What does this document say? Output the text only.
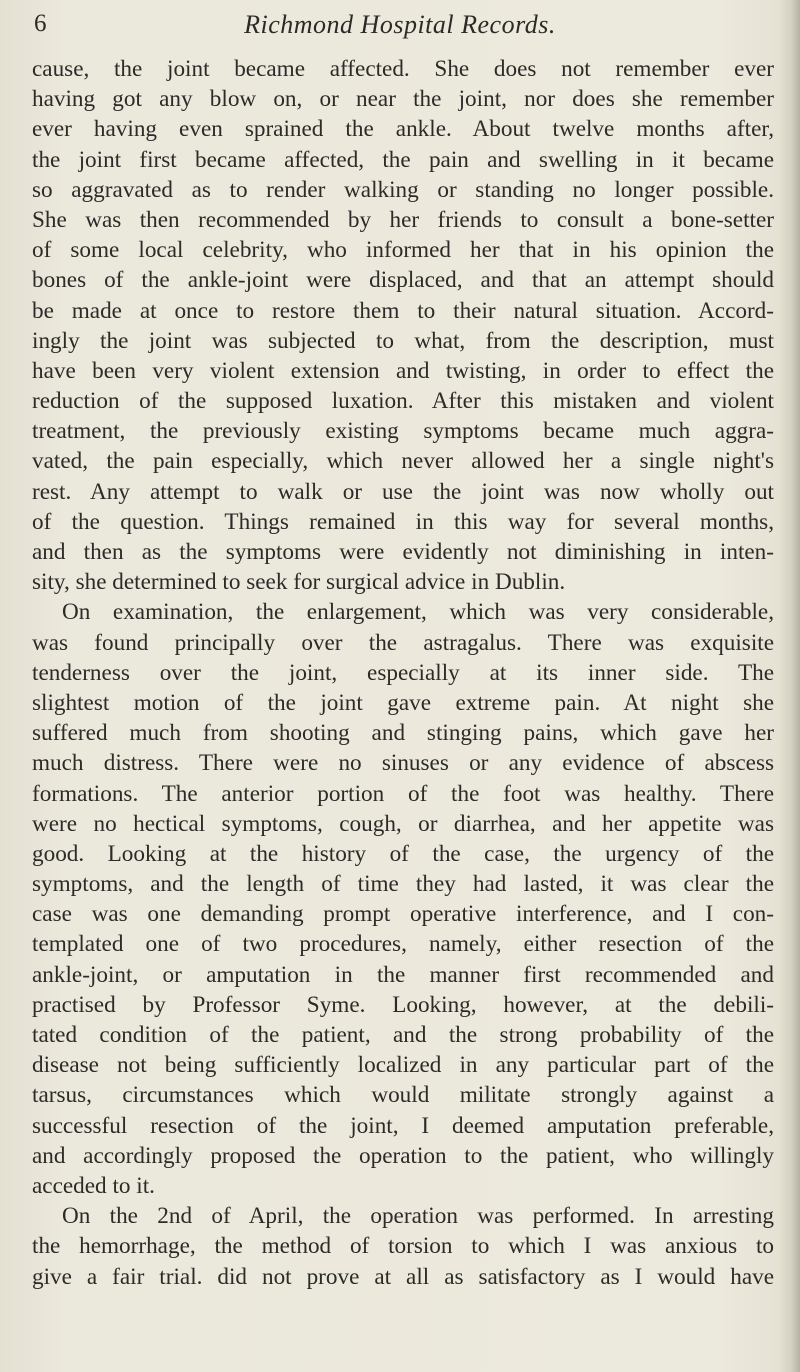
6	Richmond Hospital Records.
cause, the joint became affected. She does not remember ever
having got any blow on, or near the joint, nor does she remember
ever having even sprained the ankle. About twelve months after,
the joint first became affected, the pain and swelling in it became
so aggravated as to render walking or standing no longer possible.
She was then recommended by her friends to consult a bone-setter
of some local celebrity, who informed her that in his opinion the
bones of the ankle-joint were displaced, and that an attempt should
be made at once to restore them to their natural situation. Accord-
ingly the joint was subjected to what, from the description, must
have been very violent extension and twisting, in order to effect the
reduction of the supposed luxation. After this mistaken and violent
treatment, the previously existing symptoms became much aggra-
vated, the pain especially, which never allowed her a single night's
rest. Any attempt to walk or use the joint was now wholly out
of the question. Things remained in this way for several months,
and then as the symptoms were evidently not diminishing in inten-
sity, she determined to seek for surgical advice in Dublin.
On examination, the enlargement, which was very considerable,
was found principally over the astragalus. There was exquisite
tenderness over the joint, especially at its inner side. The
slightest motion of the joint gave extreme pain. At night she
suffered much from shooting and stinging pains, which gave her
much distress. There were no sinuses or any evidence of abscess
formations. The anterior portion of the foot was healthy. There
were no hectical symptoms, cough, or diarrhea, and her appetite was
good. Looking at the history of the case, the urgency of the
symptoms, and the length of time they had lasted, it was clear the
case was one demanding prompt operative interference, and I con-
templated one of two procedures, namely, either resection of the
ankle-joint, or amputation in the manner first recommended and
practised by Professor Syme. Looking, however, at the debili-
tated condition of the patient, and the strong probability of the
disease not being sufficiently localized in any particular part of the
tarsus, circumstances which would militate strongly against a
successful resection of the joint, I deemed amputation preferable,
and accordingly proposed the operation to the patient, who willingly
acceded to it.
On the 2nd of April, the operation was performed. In arresting
the hemorrhage, the method of torsion to which I was anxious to
give a fair trial. did not prove at all as satisfactory as I would have
